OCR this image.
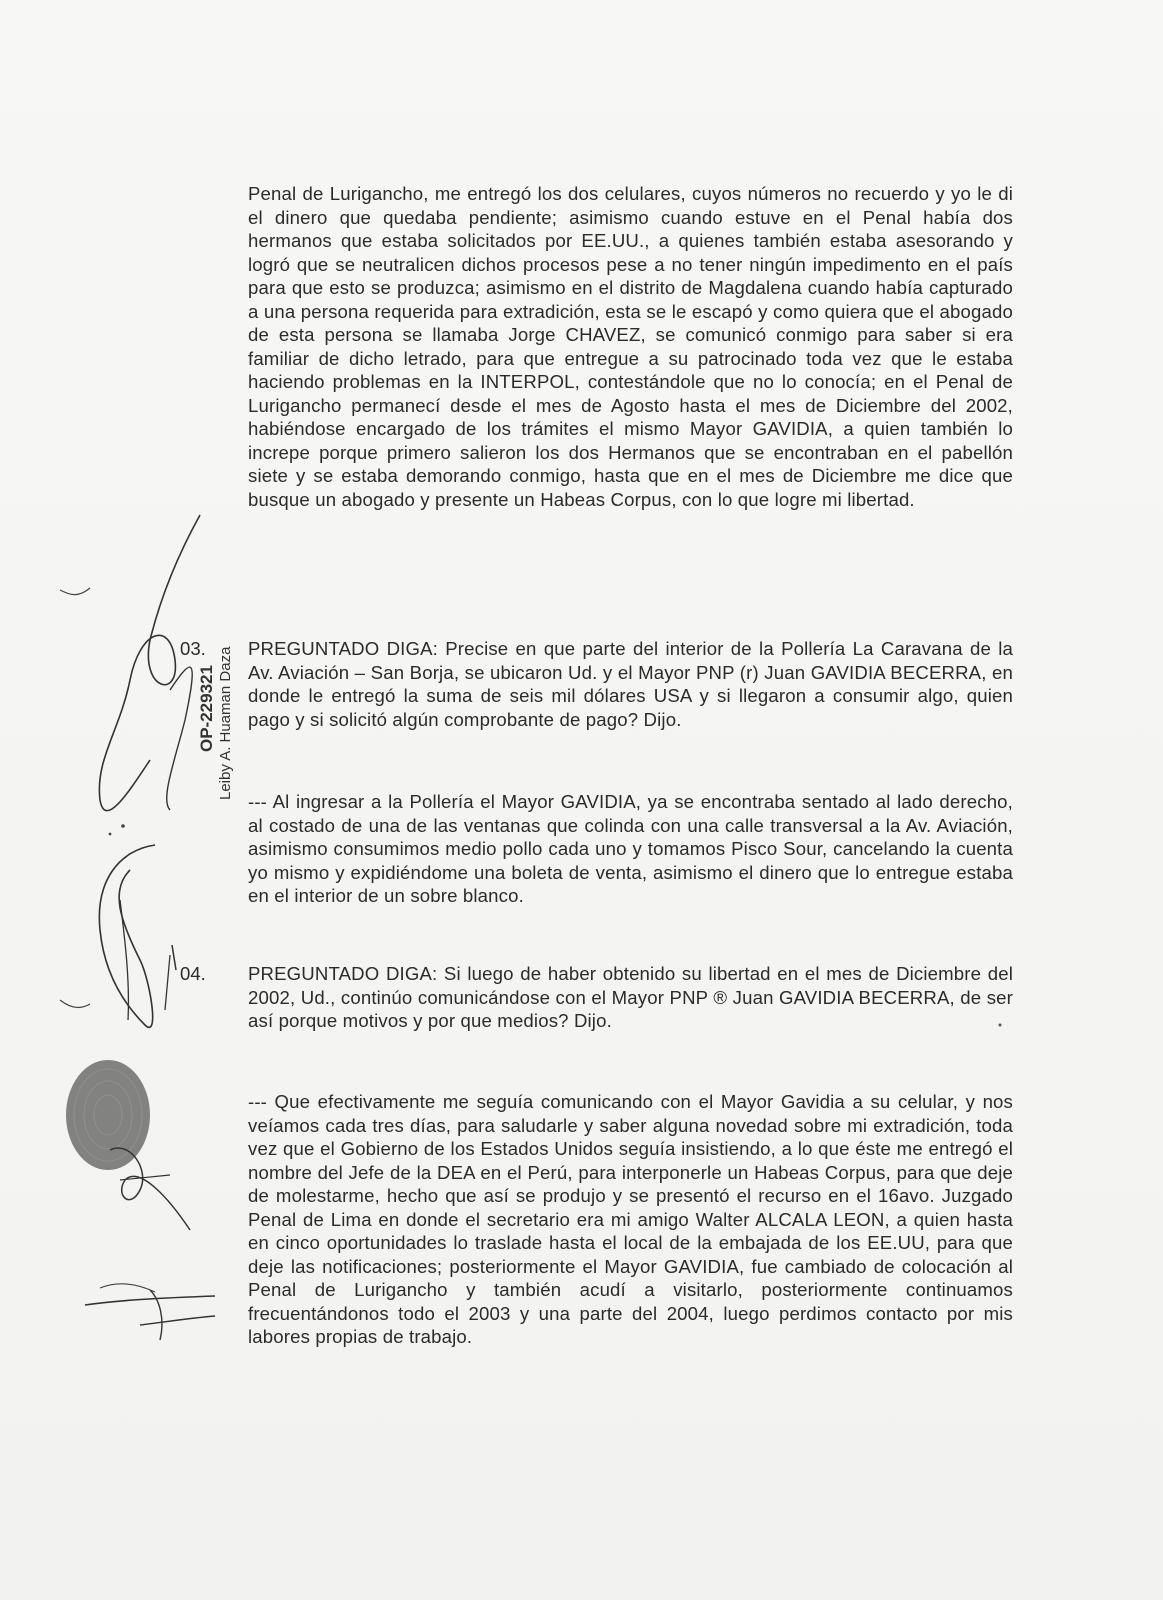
Penal de Lurigancho, me entregó los dos celulares, cuyos números no recuerdo y yo le di el dinero que quedaba pendiente; asimismo cuando estuve en el Penal había dos hermanos que estaba solicitados por EE.UU., a quienes también estaba asesorando y logró que se neutralicen dichos procesos pese a no tener ningún impedimento en el país para que esto se produzca; asimismo en el distrito de Magdalena cuando había capturado a una persona requerida para extradición, esta se le escapó y como quiera que el abogado de esta persona se llamaba Jorge CHAVEZ, se comunicó conmigo para saber si era familiar de dicho letrado, para que entregue a su patrocinado toda vez que le estaba haciendo problemas en la INTERPOL, contestándole que no lo conocía; en el Penal de Lurigancho permanecí desde el mes de Agosto hasta el mes de Diciembre del 2002, habiéndose encargado de los trámites el mismo Mayor GAVIDIA, a quien también lo increpe porque primero salieron los dos Hermanos que se encontraban en el pabellón siete y se estaba demorando conmigo, hasta que en el mes de Diciembre me dice que busque un abogado y presente un Habeas Corpus, con lo que logre mi libertad.

03. PREGUNTADO DIGA: Precise en que parte del interior de la Pollería La Caravana de la Av. Aviación – San Borja, se ubicaron Ud. y el Mayor PNP (r) Juan GAVIDIA BECERRA, en donde le entregó la suma de seis mil dólares USA y si llegaron a consumir algo, quien pago y si solicitó algún comprobante de pago? Dijo.

--- Al ingresar a la Pollería el Mayor GAVIDIA, ya se encontraba sentado al lado derecho, al costado de una de las ventanas que colinda con una calle transversal a la Av. Aviación, asimismo consumimos medio pollo cada uno y tomamos Pisco Sour, cancelando la cuenta yo mismo y expidiéndome una boleta de venta, asimismo el dinero que lo entregue estaba en el interior de un sobre blanco.

04. PREGUNTADO DIGA: Si luego de haber obtenido su libertad en el mes de Diciembre del 2002, Ud., continúo comunicándose con el Mayor PNP ® Juan GAVIDIA BECERRA, de ser así porque motivos y por que medios? Dijo.

--- Que efectivamente me seguía comunicando con el Mayor Gavidia a su celular, y nos veíamos cada tres días, para saludarle y saber alguna novedad sobre mi extradición, toda vez que el Gobierno de los Estados Unidos seguía insistiendo, a lo que éste me entregó el nombre del Jefe de la DEA en el Perú, para interponerle un Habeas Corpus, para que deje de molestarme, hecho que así se produjo y se presentó el recurso en el 16avo. Juzgado Penal de Lima en donde el secretario era mi amigo Walter ALCALA LEON, a quien hasta en cinco oportunidades lo traslade hasta el local de la embajada de los EE.UU, para que deje las notificaciones; posteriormente el Mayor GAVIDIA, fue cambiado de colocación al Penal de Lurigancho y también acudí a visitarlo, posteriormente continuamos frecuentándonos todo el 2003 y una parte del 2004, luego perdimos contacto por mis labores propias de trabajo.

OP-229321 Leiby A. Huaman Daza
